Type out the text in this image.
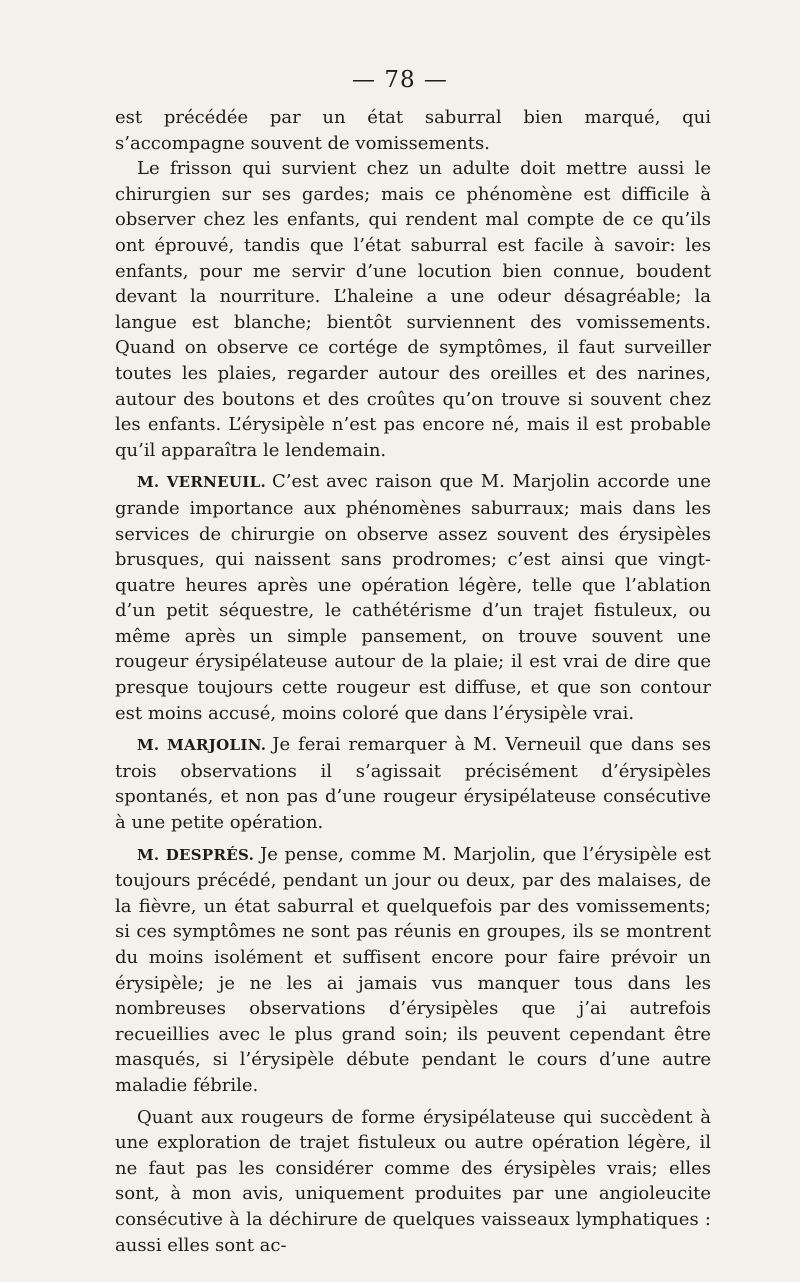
— 78 —

est précédée par un état saburral bien marqué, qui s’accompagne souvent de vomissements.

Le frisson qui survient chez un adulte doit mettre aussi le chirurgien sur ses gardes; mais ce phénomène est difficile à observer chez les enfants, qui rendent mal compte de ce qu’ils ont éprouvé, tandis que l’état saburral est facile à savoir: les enfants, pour me servir d’une locution bien connue, boudent devant la nourriture. L’haleine a une odeur désagréable; la langue est blanche; bientôt surviennent des vomissements. Quand on observe ce cortége de symptômes, il faut surveiller toutes les plaies, regarder autour des oreilles et des narines, autour des boutons et des croûtes qu’on trouve si souvent chez les enfants. L’érysipèle n’est pas encore né, mais il est probable qu’il apparaîtra le lendemain.

M. VERNEUIL. C’est avec raison que M. Marjolin accorde une grande importance aux phénomènes saburraux; mais dans les services de chirurgie on observe assez souvent des érysipèles brusques, qui naissent sans prodromes; c’est ainsi que vingt-quatre heures après une opération légère, telle que l’ablation d’un petit séquestre, le cathétérisme d’un trajet fistuleux, ou même après un simple pansement, on trouve souvent une rougeur érysipélateuse autour de la plaie; il est vrai de dire que presque toujours cette rougeur est diffuse, et que son contour est moins accusé, moins coloré que dans l’érysipèle vrai.

M. MARJOLIN. Je ferai remarquer à M. Verneuil que dans ses trois observations il s’agissait précisément d’érysipèles spontanés, et non pas d’une rougeur érysipélateuse consécutive à une petite opération.

M. DESPRÉS. Je pense, comme M. Marjolin, que l’érysipèle est toujours précédé, pendant un jour ou deux, par des malaises, de la fièvre, un état saburral et quelquefois par des vomissements; si ces symptômes ne sont pas réunis en groupes, ils se montrent du moins isolément et suffisent encore pour faire prévoir un érysipèle; je ne les ai jamais vus manquer tous dans les nombreuses observations d’érysipèles que j’ai autrefois recueillies avec le plus grand soin; ils peuvent cependant être masqués, si l’érysipèle débute pendant le cours d’une autre maladie fébrile.

Quant aux rougeurs de forme érysipélateuse qui succèdent à une exploration de trajet fistuleux ou autre opération légère, il ne faut pas les considérer comme des érysipèles vrais; elles sont, à mon avis, uniquement produites par une angioleucite consécutive à la déchirure de quelques vaisseaux lymphatiques : aussi elles sont ac-
